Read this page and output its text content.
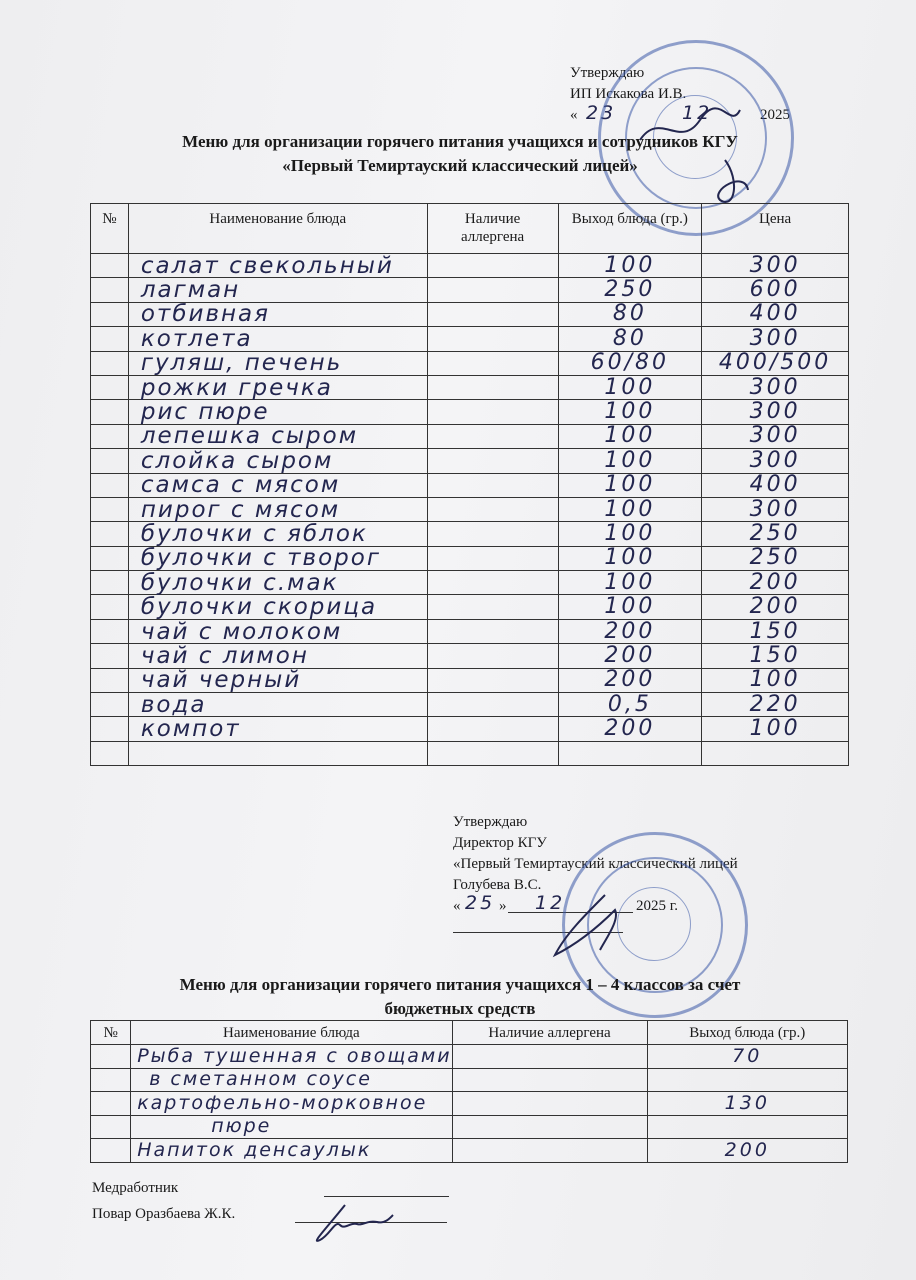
Утверждаю
ИП Искакова И.В.
« 23	12	2025
Меню для организации горячего питания учащихся и сотрудников КГУ
«Первый Темиртауский классический лицей»
№	Наименование блюда	Наличие аллергена	Выход блюда (гр.)	Цена

	салат свекольный		100	300

	лагман		250	600

	отбивная		80	400

	котлета		80	300

	гуляш, печень		60/80	400/500

	рожки гречка		100	300

	рис пюре		100	300

	лепешка сыром		100	300

	слойка сыром		100	300

	самса с мясом		100	400

	пирог с мясом		100	300

	булочки с яблок		100	250

	булочки с творог		100	250

	булочки с.мак		100	200

	булочки скорица		100	200

	чай с молоком		200	150

	чай с лимон		200	150

	чай черный		200	100

	вода		0,5	220

	компот		200	100

Утверждаю
Директор КГУ
«Первый Темиртауский классический лицей
Голубева В.С.
« 25 » 12	2025 г.
Меню для организации горячего питания учащихся 1 – 4 классов за счет
бюджетных средств
№	Наименование блюда	Наличие аллергена	Выход блюда (гр.)

	Рыба тушенная с овощами		70

	в сметанном соусе		

	картофельно-морковное		130

	пюре		

	Напиток денсаулык		200
Медработник
Повар Оразбаева Ж.К.
